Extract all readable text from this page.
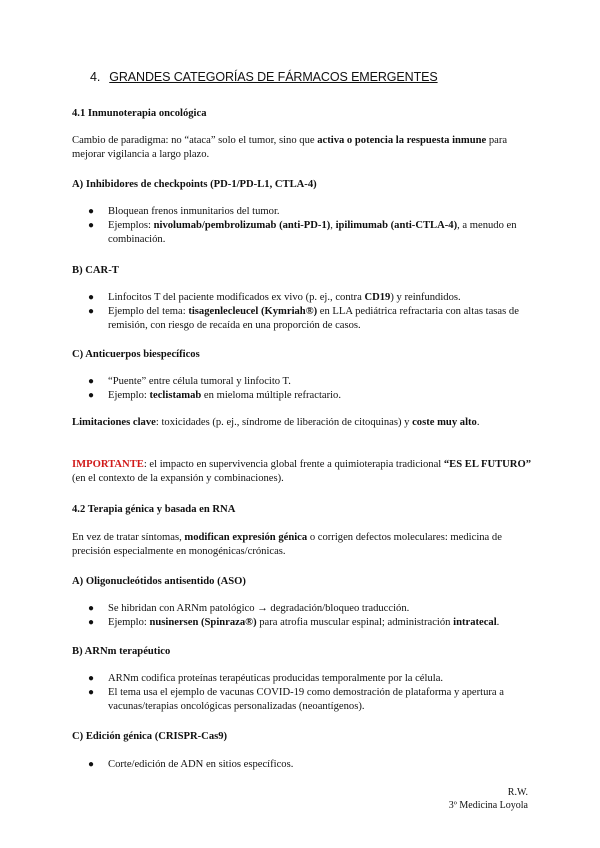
4. GRANDES CATEGORÍAS DE FÁRMACOS EMERGENTES
4.1 Inmunoterapia oncológica
Cambio de paradigma: no “ataca” solo el tumor, sino que activa o potencia la respuesta inmune para mejorar vigilancia a largo plazo.
A) Inhibidores de checkpoints (PD-1/PD-L1, CTLA-4)
● Bloquean frenos inmunitarios del tumor.
● Ejemplos: nivolumab/pembrolizumab (anti-PD-1), ipilimumab (anti-CTLA-4), a menudo en combinación.
B) CAR-T
● Linfocitos T del paciente modificados ex vivo (p. ej., contra CD19) y reinfundidos.
● Ejemplo del tema: tisagenlecleucel (Kymriah®) en LLA pediátrica refractaria con altas tasas de remisión, con riesgo de recaída en una proporción de casos.
C) Anticuerpos biespecíficos
● “Puente” entre célula tumoral y linfocito T.
● Ejemplo: teclistamab en mieloma múltiple refractario.
Limitaciones clave: toxicidades (p. ej., síndrome de liberación de citoquinas) y coste muy alto.
IMPORTANTE: el impacto en supervivencia global frente a quimioterapia tradicional “ES EL FUTURO” (en el contexto de la expansión y combinaciones).
4.2 Terapia génica y basada en RNA
En vez de tratar síntomas, modifican expresión génica o corrigen defectos moleculares: medicina de precisión especialmente en monogénicas/crónicas.
A) Oligonucleótidos antisentido (ASO)
● Se hibridan con ARNm patológico → degradación/bloqueo traducción.
● Ejemplo: nusinersen (Spinraza®) para atrofia muscular espinal; administración intratecal.
B) ARNm terapéutico
● ARNm codifica proteínas terapéuticas producidas temporalmente por la célula.
● El tema usa el ejemplo de vacunas COVID-19 como demostración de plataforma y apertura a vacunas/terapias oncológicas personalizadas (neoantígenos).
C) Edición génica (CRISPR-Cas9)
● Corte/edición de ADN en sitios específicos.
R.W.
3º Medicina Loyola
